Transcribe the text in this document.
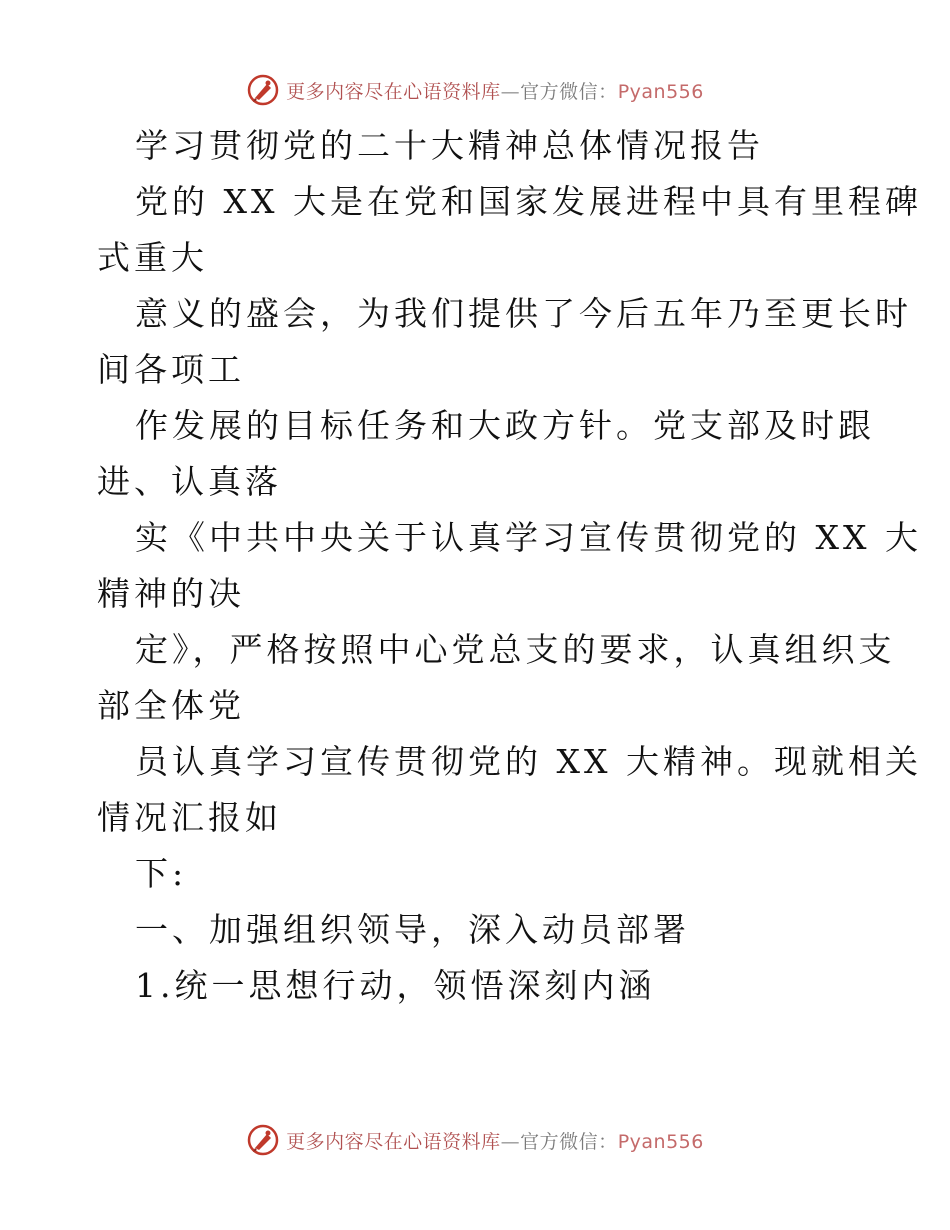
更多内容尽在心语资料库—官方微信：Pyan556
学习贯彻党的二十大精神总体情况报告
党的 XX 大是在党和国家发展进程中具有里程碑
式重大
意义的盛会，为我们提供了今后五年乃至更长时
间各项工
作发展的目标任务和大政方针。党支部及时跟
进、认真落
实《中共中央关于认真学习宣传贯彻党的 XX 大
精神的决
定》，严格按照中心党总支的要求，认真组织支
部全体党
员认真学习宣传贯彻党的 XX 大精神。现就相关
情况汇报如
下:
一、加强组织领导，深入动员部署
1.统一思想行动，领悟深刻内涵
更多内容尽在心语资料库—官方微信：Pyan556
